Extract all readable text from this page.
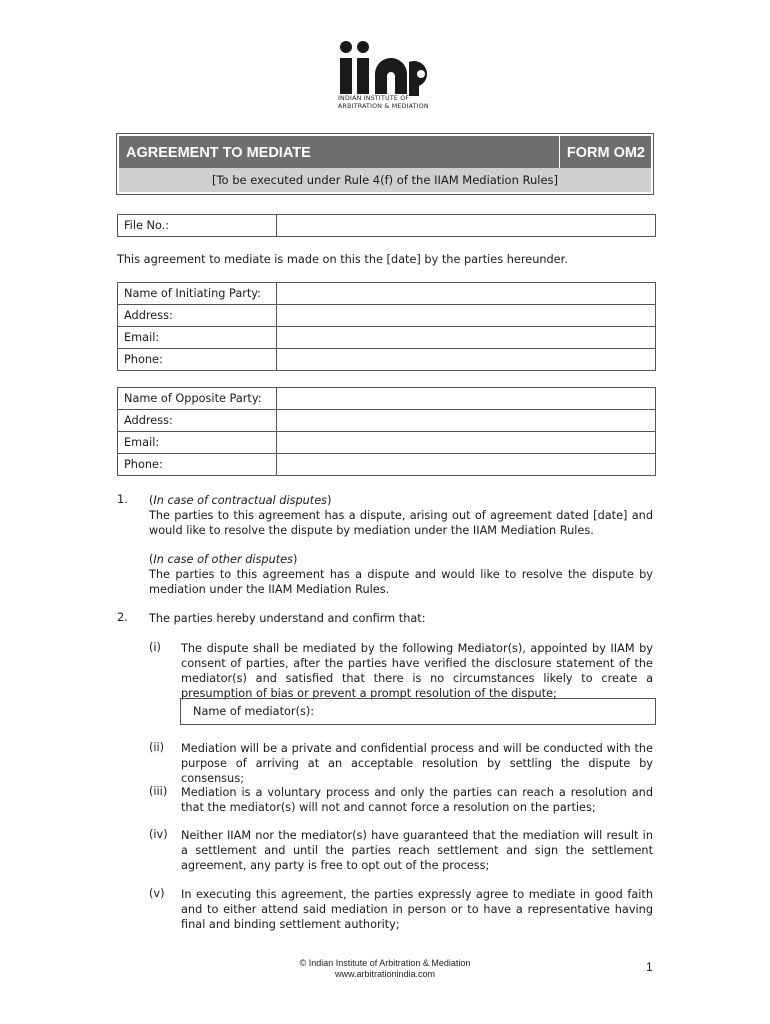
INDIAN INSTITUTE OF
ARBITRATION & MEDIATION
AGREEMENT TO MEDIATE	FORM OM2
[To be executed under Rule 4(f) of the IIAM Mediation Rules]
File No.:	
This agreement to mediate is made on this the [date] by the parties hereunder.
Name of Initiating Party:	
Address:	
Email:	
Phone:	
Name of Opposite Party:	
Address:	
Email:	
Phone:	
1. (In case of contractual disputes)

The parties to this agreement has a dispute, arising out of agreement dated [date] and would like to resolve the dispute by mediation under the IIAM Mediation Rules.
(In case of other disputes)

The parties to this agreement has a dispute and would like to resolve the dispute by mediation under the IIAM Mediation Rules.
2. The parties hereby understand and confirm that:
(i) The dispute shall be mediated by the following Mediator(s), appointed by IIAM by consent of parties, after the parties have verified the disclosure statement of the mediator(s) and satisfied that there is no circumstances likely to create a presumption of bias or prevent a prompt resolution of the dispute;
Name of mediator(s):
(ii) Mediation will be a private and confidential process and will be conducted with the purpose of arriving at an acceptable resolution by settling the dispute by consensus;
(iii) Mediation is a voluntary process and only the parties can reach a resolution and that the mediator(s) will not and cannot force a resolution on the parties;
(iv) Neither IIAM nor the mediator(s) have guaranteed that the mediation will result in a settlement and until the parties reach settlement and sign the settlement agreement, any party is free to opt out of the process;
(v) In executing this agreement, the parties expressly agree to mediate in good faith and to either attend said mediation in person or to have a representative having final and binding settlement authority;
© Indian Institute of Arbitration & Mediation
www.arbitrationindia.com	1
